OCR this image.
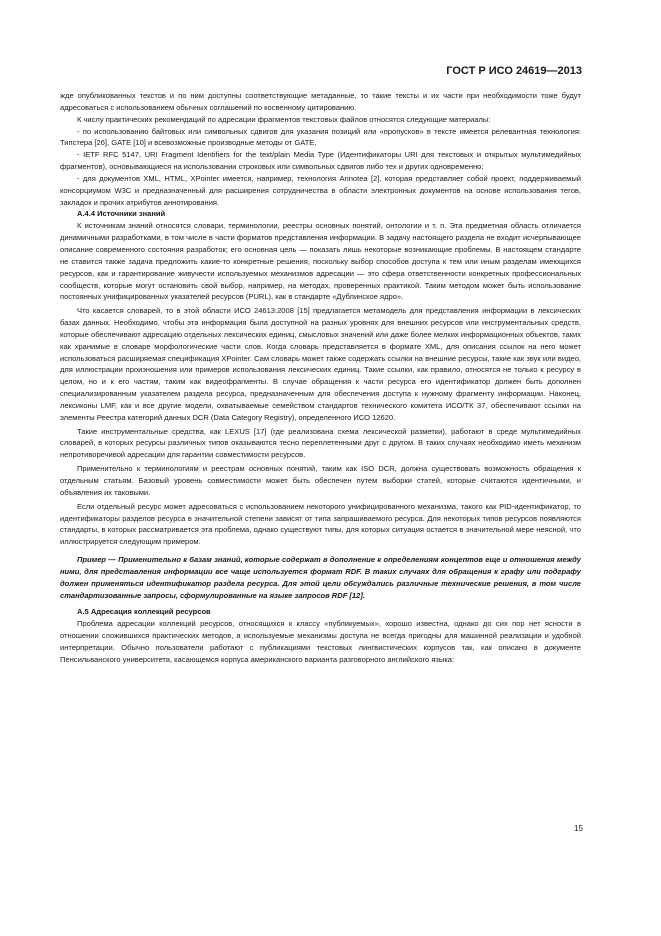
ГОСТ Р ИСО 24619—2013

жде опубликованных текстов и по ним доступны соответствующие метаданные, то такие тексты и их части при необходимости тоже будут адресоваться с использованием обычных соглашений по косвенному цитированию.

К числу практических рекомендаций по адресации фрагментов текстовых файлов относятся следующие материалы:

- по использованию байтовых или символьных сдвигов для указания позиций или «пропусков» в тексте имеется релевантная технология: Типстера [26], GATE [10] и всевозможные производные методы от GATE,

- IETF RFC 5147, URI Fragment Identifiers for the text/plain Media Type (Идентификаторы URI для текстовых и открытых мультимедийных фрагментов), основывающиеся на использовании строковых или символьных сдвигов либо тех и других одновременно;

- для документов XML, HTML, XPointer имеется, например, технология Annotea [2], которая представляет собой проект, поддерживаемый консорциумом W3C и предназначенный для расширения сотрудничества в области электронных документов на основе использования тегов, закладок и прочих атрибутов аннотирования.

А.4.4 Источники знаний

К источникам знаний относятся словари, терминологии, реестры основных понятий, онтологии и т. п. Эта предметная область отличается динамичными разработками, в том числе в части форматов представления информации. В задачу настоящего раздела не входит исчерпывающее описание современного состояния разработок; его основная цель — показать лишь некоторые возникающие проблемы. В настоящем стандарте не ставится также задача предложить какие-то конкретные решения, поскольку выбор способов доступа к тем или иным разделам имеющихся ресурсов, как и гарантирование живучести используемых механизмов адресации — это сфера ответственности конкретных профессиональных сообществ, которые могут остановить свой выбор, например, на методах, проверенных практикой. Таким методом может быть использование постоянных унифицированных указателей ресурсов (PURL), как в стандарте «Дублинское ядро».

Что касается словарей, то в этой области ИСО 24613:2008 [15] предлагается метамодель для представления информации в лексических базах данных. Необходимо, чтобы эта информация была доступной на разных уровнях для внешних ресурсов или инструментальных средств, которые обеспечивают адресацию отдельных лексических единиц, смысловых значений или даже более мелких информационных объектов, таких как хранимые в словаре морфологические части слов. Когда словарь представляется в формате XML, для описания ссылок на него может использоваться расширяемая спецификация XPointer. Сам словарь может также содержать ссылки на внешние ресурсы, такие как звук или видео, для иллюстрации произношения или примеров использования лексических единиц. Такие ссылки, как правило, относятся не только к ресурсу в целом, но и к его частям, таким как видеофрагменты. В случае обращения к части ресурса его идентификатор должен быть дополнен специализированным указателем раздела ресурса, предназначенным для обеспечения доступа к нужному фрагменту информации. Наконец, лексиконы LMF, как и все другие модели, охватываемые семейством стандартов технического комитета ИСО/ТК 37, обеспечивают ссылки на элементы Реестра категорий данных DCR (Data Category Registry), определенного ИСО 12620.

Такие инструментальные средства, как LEXUS [17] (где реализована схема лексической разметки), работают в среде мультимедийных словарей, в которых ресурсы различных типов оказываются тесно переплетенными друг с другом. В таких случаях необходимо иметь механизм непротиворечивой адресации для гарантии совместимости ресурсов.

Применительно к терминологиям и реестрам основных понятий, таким как ISO DCR, должна существовать возможность обращения к отдельным статьям. Базовый уровень совместимости может быть обеспечен путем выборки статей, которые считаются идентичными, и объявления их таковыми.

Если отдельный ресурс может адресоваться с использованием некоторого унифицированного механизма, такого как PID-идентификатор, то идентификаторы разделов ресурса в значительной степени зависят от типа запрашиваемого ресурса. Для некоторых типов ресурсов появляются стандарты, в которых рассматривается эта проблема, однако существуют типы, для которых ситуация остается в значительной мере неясной, что иллюстрируется следующим примером.

Пример — Применительно к базам знаний, которые содержат в дополнение к определениям концептов еще и отношения между ними, для представления информации все чаще используется формат RDF. В таких случаях для обращения к графу или подграфу должен применяться идентификатор раздела ресурса. Для этой цели обсуждались различные технические решения, в том числе стандартизованные запросы, сформулированные на языке запросов RDF [12].

А.5 Адресация коллекций ресурсов

Проблема адресации коллекций ресурсов, относящихся к классу «публикуемых», хорошо известна, однако до сих пор нет ясности в отношении сложившихся практических методов, а используемые механизмы доступа не всегда пригодны для машинной реализации и удобной интерпретации. Обычно пользователи работают с публикациями текстовых лингвистических корпусов так, как описано в документе Пенсильванского университета, касающемся корпуса американского варианта разговорного английского языка:

15
